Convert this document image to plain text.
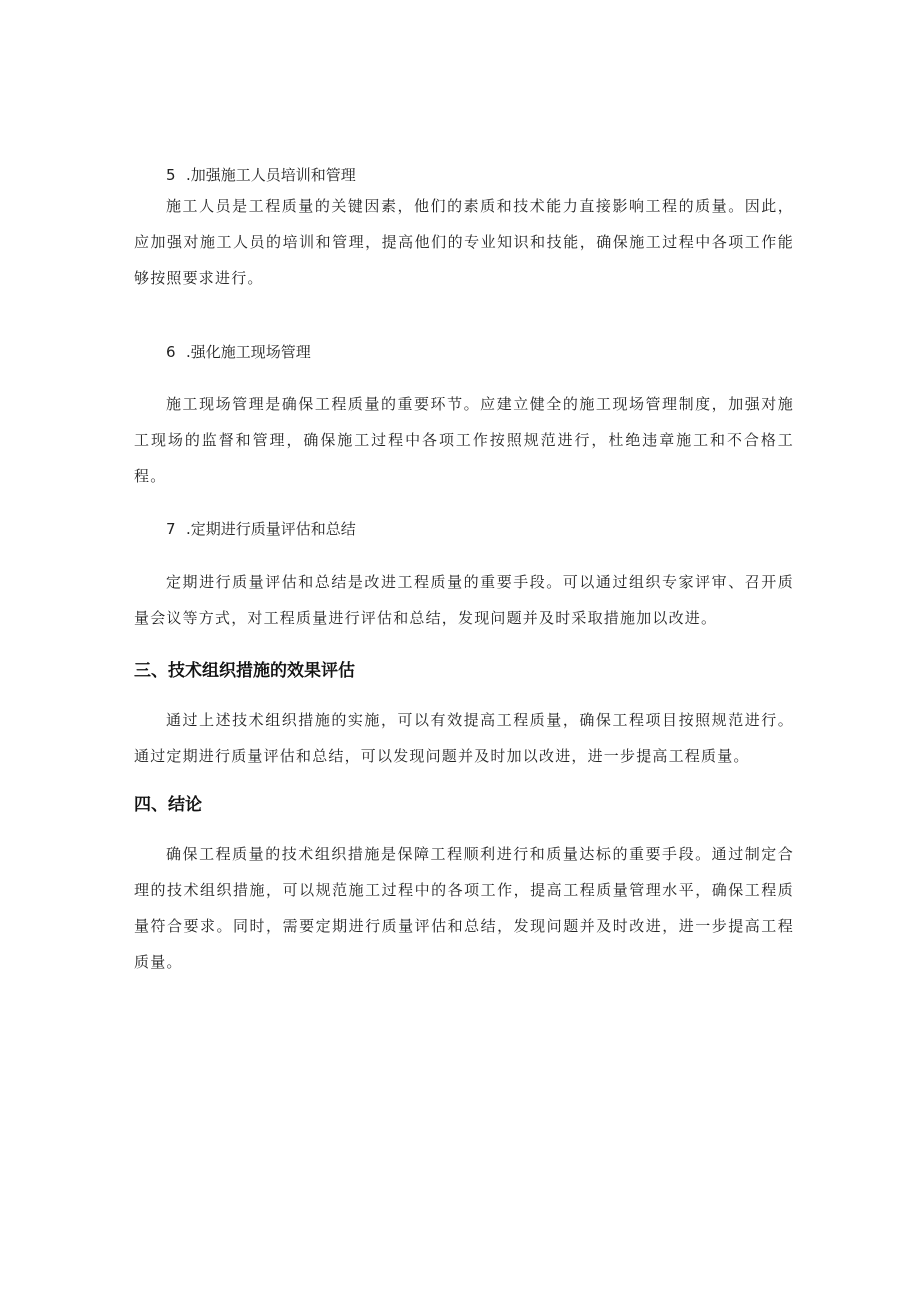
5 .加强施工人员培训和管理

施工人员是工程质量的关键因素，他们的素质和技术能力直接影响工程的质量。因此，应加强对施工人员的培训和管理，提高他们的专业知识和技能，确保施工过程中各项工作能够按照要求进行。

6 .强化施工现场管理

施工现场管理是确保工程质量的重要环节。应建立健全的施工现场管理制度，加强对施工现场的监督和管理，确保施工过程中各项工作按照规范进行，杜绝违章施工和不合格工程。

7 .定期进行质量评估和总结

定期进行质量评估和总结是改进工程质量的重要手段。可以通过组织专家评审、召开质量会议等方式，对工程质量进行评估和总结，发现问题并及时采取措施加以改进。

三、技术组织措施的效果评估

通过上述技术组织措施的实施，可以有效提高工程质量，确保工程项目按照规范进行。通过定期进行质量评估和总结，可以发现问题并及时加以改进，进一步提高工程质量。

四、结论

确保工程质量的技术组织措施是保障工程顺利进行和质量达标的重要手段。通过制定合理的技术组织措施，可以规范施工过程中的各项工作，提高工程质量管理水平，确保工程质量符合要求。同时，需要定期进行质量评估和总结，发现问题并及时改进，进一步提高工程质量。
